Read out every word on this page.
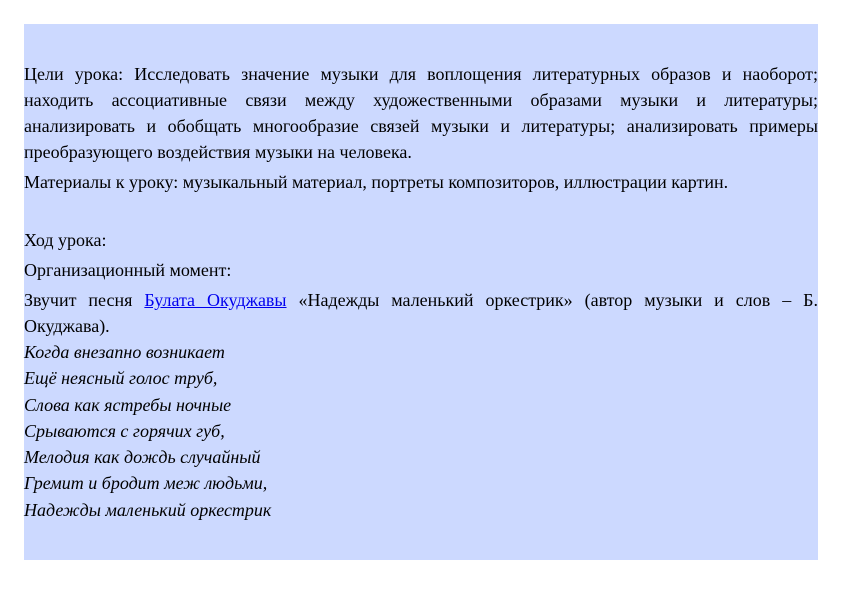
Цели урока: Исследовать значение музыки для воплощения литературных образов и наоборот; находить ассоциативные связи между художественными образами музыки и литературы; анализировать и обобщать многообразие связей музыки и литературы; анализировать примеры преобразующего воздействия музыки на человека.

Материалы к уроку: музыкальный материал, портреты композиторов, иллюстрации картин.

Ход урока:

Организационный момент:

Звучит песня Булата Окуджавы «Надежды маленький оркестрик» (автор музыки и слов – Б. Окуджава).

Когда внезапно возникает

Ещё неясный голос труб,

Слова как ястребы ночные

Срываются с горячих губ,

Мелодия как дождь случайный

Гремит и бродит меж людьми,

Надежды маленький оркестрик
